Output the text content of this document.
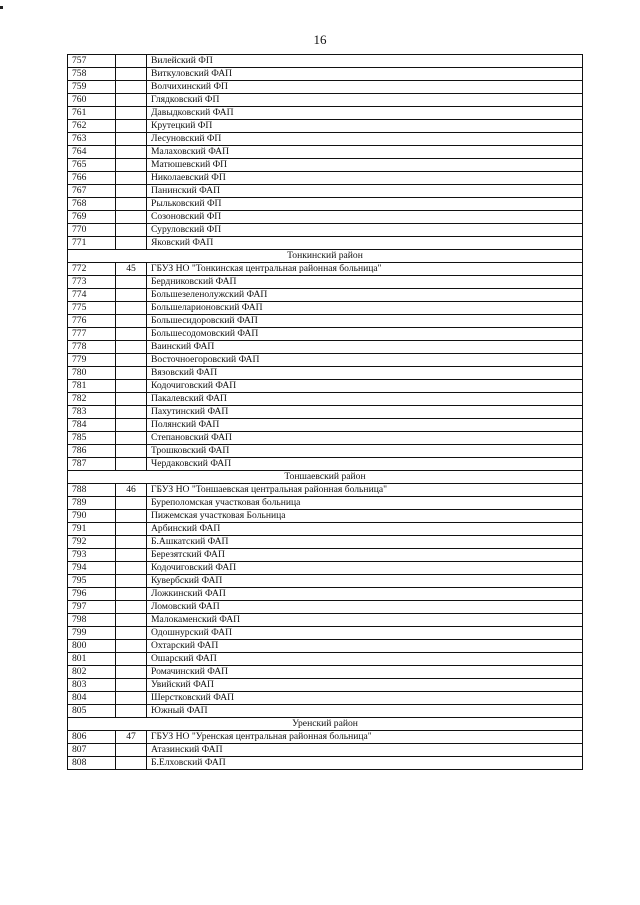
16
757		Вилейский ФП
758		Виткуловский ФАП
759		Волчихинский ФП
760		Глядковский ФП
761		Давыдковский ФАП
762		Крутецкий ФП
763		Лесуновский ФП
764		Малаховский ФАП
765		Матюшевский ФП
766		Николаевский ФП
767		Панинский ФАП
768		Рыльковский ФП
769		Созоновский ФП
770		Суруловский ФП
771		Яковский ФАП
Тонкинский район		
772	45	ГБУЗ НО "Тонкинская центральная районная больница"
773		Бердниковский ФАП
774		Большезеленолужский ФАП
775		Большеларионовский ФАП
776		Большесидоровский ФАП
777		Большесодомовский ФАП
778		Ваинский ФАП
779		Восточноегоровский ФАП
780		Вязовский ФАП
781		Кодочиговский ФАП
782		Пакалевский ФАП
783		Пахутинский ФАП
784		Полянский ФАП
785		Степановский ФАП
786		Трошковский ФАП
787		Чердаковский ФАП
Тоншаевский район		
788	46	ГБУЗ НО "Тоншаевская центральная районная больница"
789		Буреполомская участковая больница
790		Пижемская участковая Больница
791		Арбинский ФАП
792		Б.Ашкатский ФАП
793		Березятский ФАП
794		Кодочиговский ФАП
795		Кувербский ФАП
796		Ложкинский ФАП
797		Ломовский ФАП
798		Малокаменский ФАП
799		Одошнурский ФАП
800		Охтарский ФАП
801		Ошарский ФАП
802		Ромачинский ФАП
803		Увийский ФАП
804		Шерстковский ФАП
805		Южный ФАП
Уренский район		
806	47	ГБУЗ НО "Уренская центральная районная больница"
807		Атазинский ФАП
808		Б.Елховский ФАП
